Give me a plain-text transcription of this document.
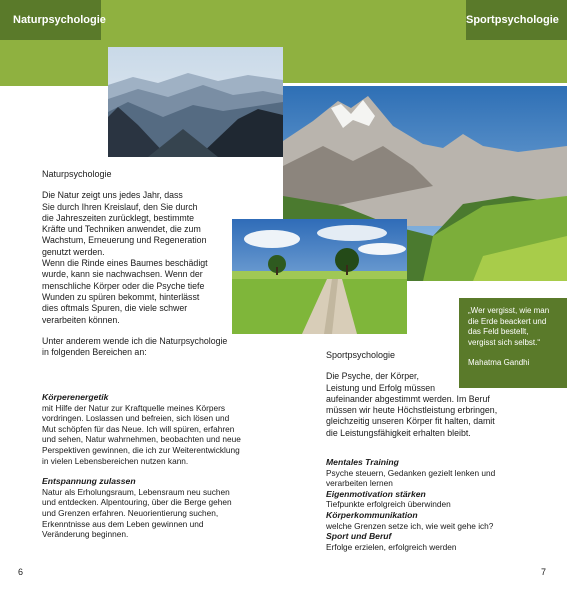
Naturpsychologie	Sportpsychologie

Naturpsychologie

Die Natur zeigt uns jedes Jahr, dass

Sie durch Ihren Kreislauf, den Sie durch

die Jahreszeiten zurücklegt, bestimmte

Kräfte und Techniken anwendet, die zum

Wachstum, Erneuerung und Regeneration

genutzt werden.

Wenn die Rinde eines Baumes beschädigt

wurde, kann sie nachwachsen. Wenn der

menschliche Körper oder die Psyche tiefe

Wunden zu spüren bekommt, hinterlässt

dies oftmals Spuren, die viele schwer

verarbeiten können.

Unter anderem wende ich die Naturpsychologie

in folgenden Bereichen an:

Körperenergetik

mit Hilfe der Natur zur Kraftquelle meines Körpers

vordringen. Loslassen und befreien, sich lösen und

Mut schöpfen für das Neue. Ich will spüren, erfahren

und sehen, Natur wahrnehmen, beobachten und neue

Perspektiven gewinnen, die ich zur Weiterentwicklung

in vielen Lebensbereichen nutzen kann.

Entspannung zulassen

Natur als Erholungsraum, Lebensraum neu suchen

und entdecken. Alpentouring, über die Berge gehen

und Grenzen erfahren. Neuorientierung suchen,

Erkenntnisse aus dem Leben gewinnen und

Veränderung beginnen.

Sportpsychologie

Die Psyche, der Körper,

Leistung und Erfolg müssen

aufeinander abgestimmt werden. Im Beruf

müssen wir heute Höchstleistung erbringen,

gleichzeitig unseren Körper fit halten, damit

die Leistungsfähigkeit erhalten bleibt.

Mentales Training

Psyche steuern, Gedanken gezielt lenken und

verarbeiten lernen

Eigenmotivation stärken

Tiefpunkte erfolgreich überwinden

Körperkommunikation

welche Grenzen setze ich, wie weit gehe ich?

Sport und Beruf

Erfolge erzielen, erfolgreich werden

„Wer vergisst, wie man
die Erde beackert und
das Feld bestellt,
vergisst sich selbst.“
Mahatma Gandhi
6	7
